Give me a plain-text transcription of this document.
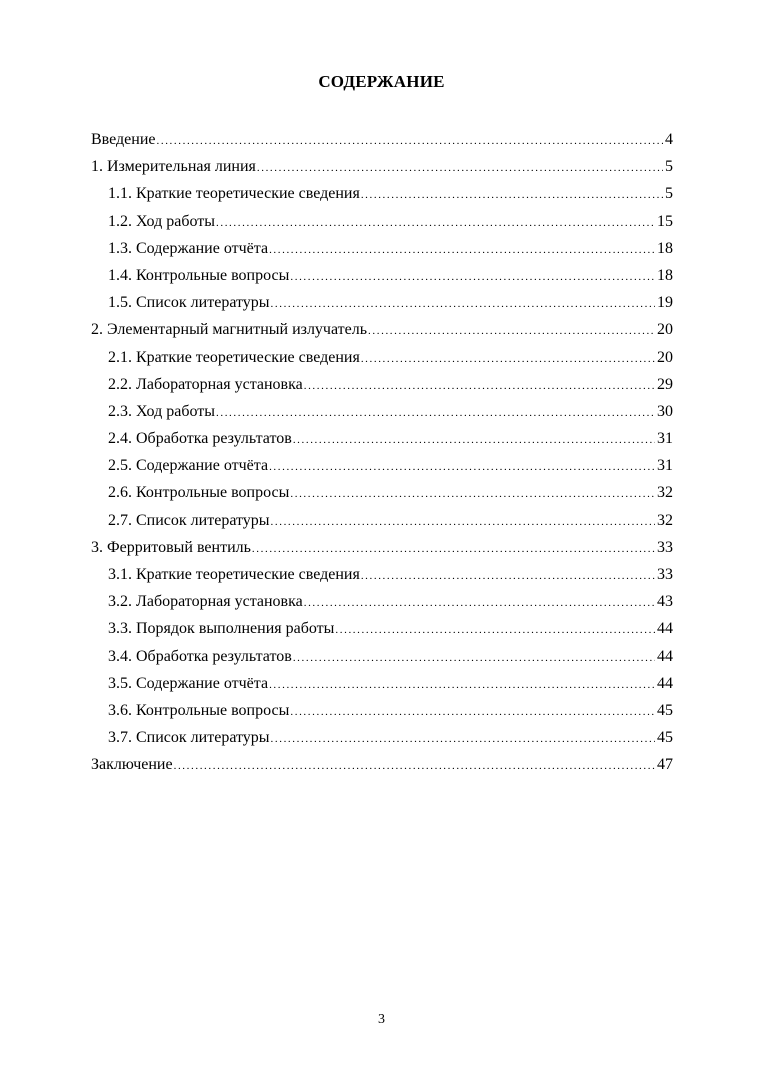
СОДЕРЖАНИЕ
Введение .....	4
1. Измерительная линия .....	5
1.1. Краткие теоретические сведения .....	5
1.2. Ход работы .....	15
1.3. Содержание отчёта .....	18
1.4. Контрольные вопросы .....	18
1.5. Список литературы .....	19
2. Элементарный магнитный излучатель .....	20
2.1. Краткие теоретические сведения .....	20
2.2. Лабораторная установка .....	29
2.3. Ход работы .....	30
2.4. Обработка результатов .....	31
2.5. Содержание отчёта .....	31
2.6. Контрольные вопросы .....	32
2.7. Список литературы .....	32
3. Ферритовый вентиль .....	33
3.1. Краткие теоретические сведения .....	33
3.2. Лабораторная установка .....	43
3.3. Порядок выполнения работы .....	44
3.4. Обработка результатов .....	44
3.5. Содержание отчёта .....	44
3.6. Контрольные вопросы .....	45
3.7. Список литературы .....	45
Заключение .....	47
3
